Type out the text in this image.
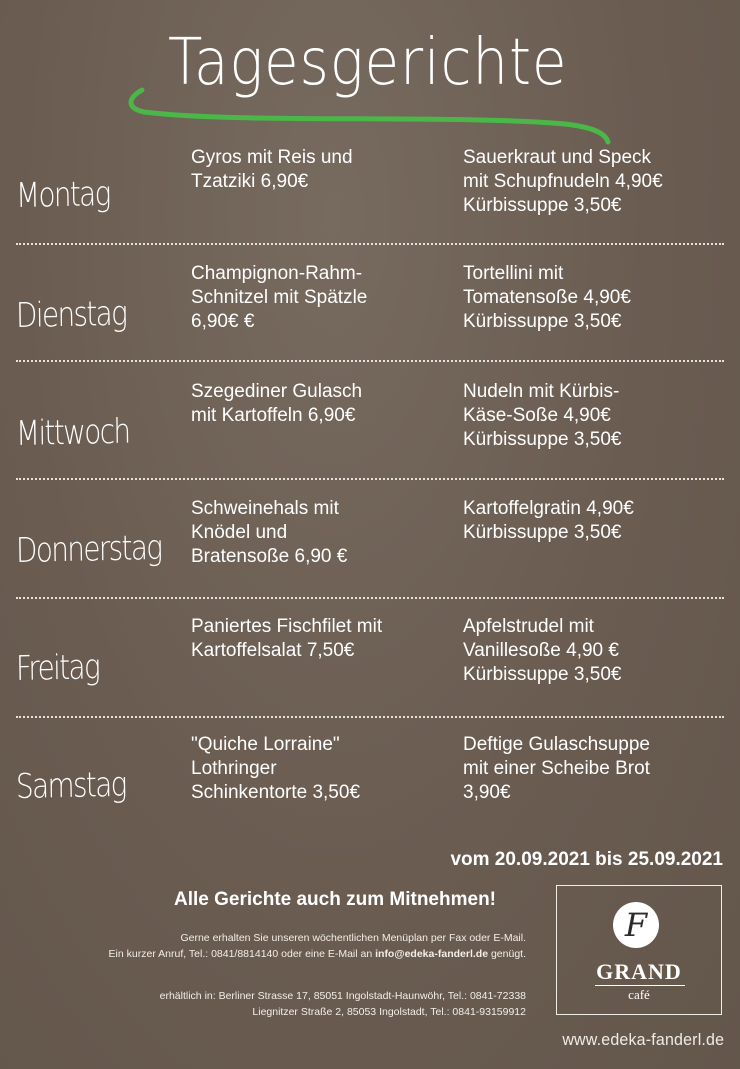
Tagesgerichte
Montag
Gyros mit Reis und
Tzatziki 6,90€
Sauerkraut und Speck
mit Schupfnudeln 4,90€
Kürbissuppe 3,50€
Dienstag
Champignon-Rahm-
Schnitzel mit Spätzle
6,90€ €
Tortellini mit
Tomatensoße 4,90€
Kürbissuppe 3,50€
Mittwoch
Szegediner Gulasch
mit Kartoffeln 6,90€
Nudeln mit Kürbis-
Käse-Soße 4,90€
Kürbissuppe 3,50€
Donnerstag
Schweinehals mit
Knödel und
Bratensoße 6,90 €
Kartoffelgratin 4,90€
Kürbissuppe 3,50€
Freitag
Paniertes Fischfilet mit
Kartoffelsalat 7,50€
Apfelstrudel mit
Vanillesoße 4,90 €
Kürbissuppe 3,50€
Samstag
"Quiche Lorraine"
Lothringer
Schinkentorte 3,50€
Deftige Gulaschsuppe
mit einer Scheibe Brot
3,90€
vom 20.09.2021 bis 25.09.2021
Alle Gerichte auch zum Mitnehmen!
Gerne erhalten Sie unseren wöchentlichen Menüplan per Fax oder E-Mail.
Ein kurzer Anruf, Tel.: 0841/8814140 oder eine E-Mail an info@edeka-fanderl.de genügt.
erhältlich in: Berliner Strasse 17, 85051 Ingolstadt-Haunwöhr, Tel.: 0841-72338
Liegnitzer Straße 2, 85053 Ingolstadt, Tel.: 0841-93159912
F
GRAND
café
www.edeka-fanderl.de
